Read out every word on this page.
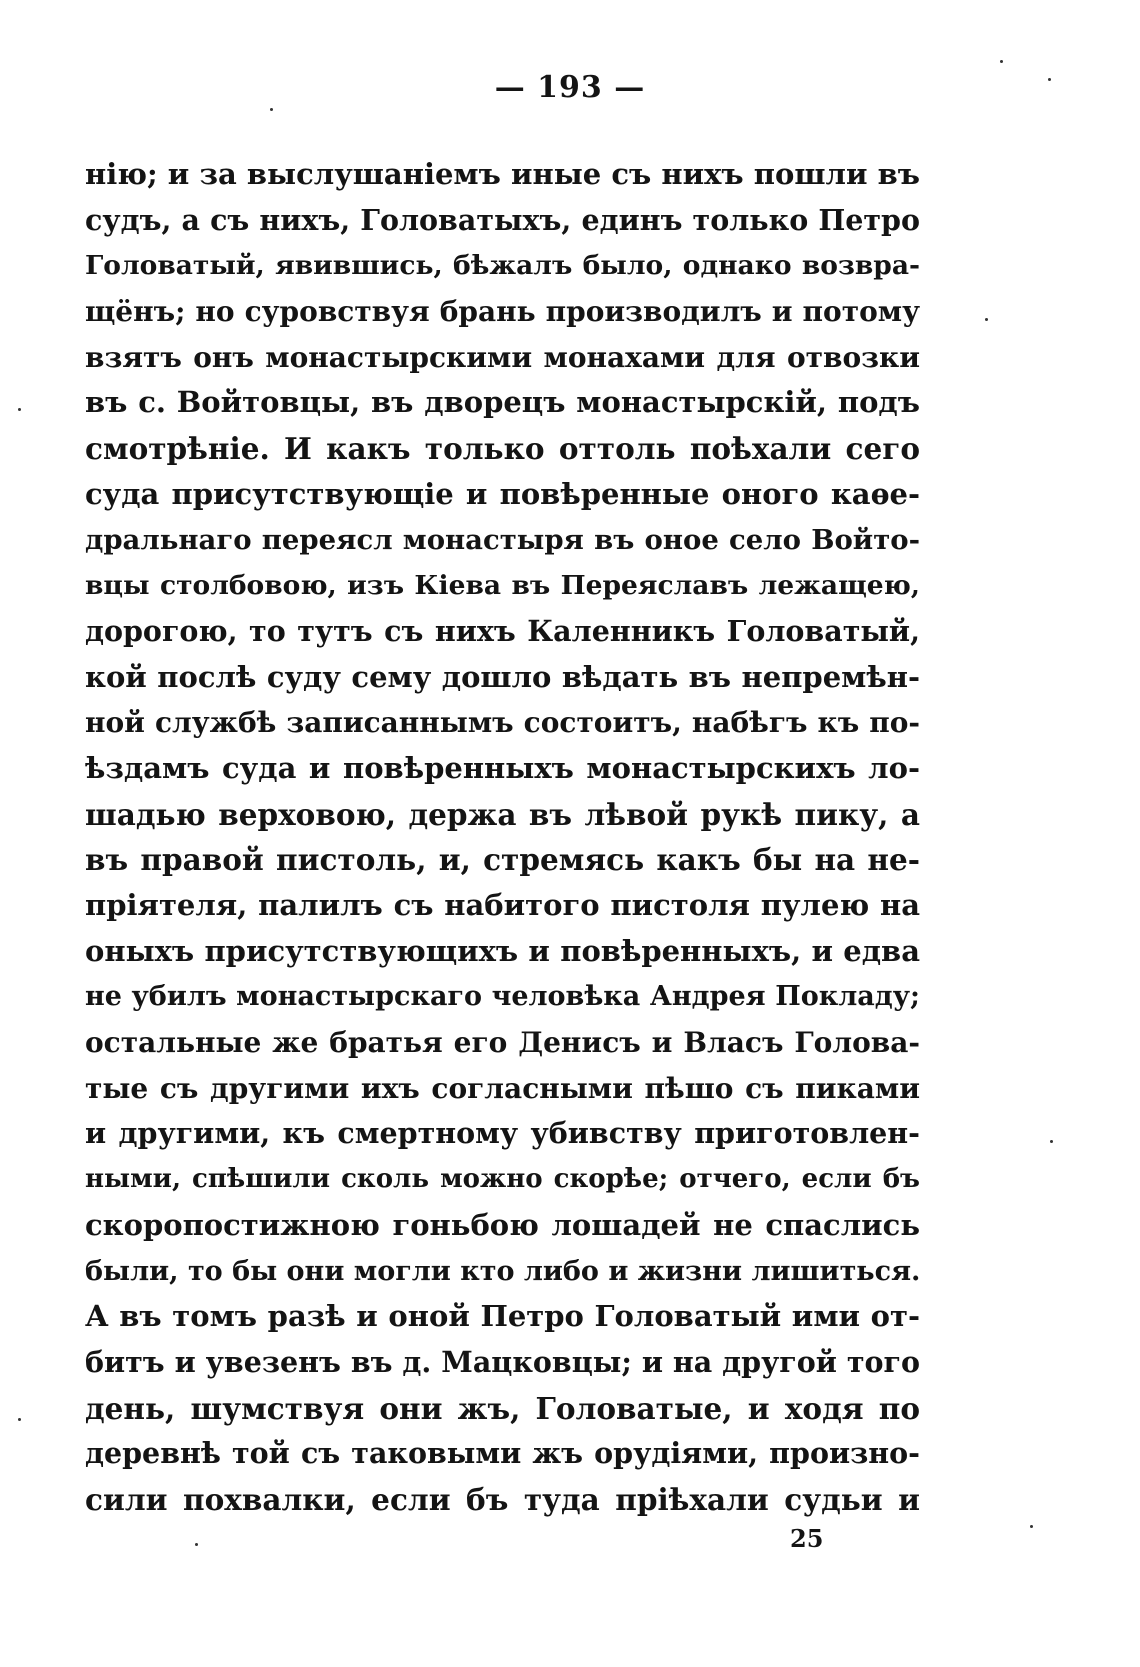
— 193 —
нію; и за выслушаніемъ иные съ нихъ пошли въ
судъ, а съ нихъ, Головатыхъ, единъ только Петро
Головатый, явившись, бѣжалъ было, однако возвра-
щёнъ; но суровствуя брань производилъ и потому
взятъ онъ монастырскими монахами для отвозки
въ с. Войтовцы, въ дворецъ монастырскій, подъ
смотрѣніе. И какъ только оттоль поѣхали сего
суда присутствующіе и повѣренные оного каѳе-
дральнаго переясл монастыря въ оное село Войто-
вцы столбовою, изъ Кіева въ Переяславъ лежащею,
дорогою, то тутъ съ нихъ Каленникъ Головатый,
кой послѣ суду сему дошло вѣдать въ непремѣн-
ной службѣ записаннымъ состоитъ, набѣгъ къ по-
ѣздамъ суда и повѣренныхъ монастырскихъ ло-
шадью верховою, держа въ лѣвой рукѣ пику, а
въ правой пистоль, и, стремясь какъ бы на не-
пріятеля, палилъ съ набитого пистоля пулею на
оныхъ присутствующихъ и повѣренныхъ, и едва
не убилъ монастырскаго человѣка Андрея Покладу;
остальные же братья его Денисъ и Власъ Голова-
тые съ другими ихъ согласными пѣшо съ пиками
и другими, къ смертному убивству приготовлен-
ными, спѣшили сколь можно скорѣе; отчего, если бъ
скоропостижною гоньбою лошадей не спаслись
были, то бы они могли кто либо и жизни лишиться.
А въ томъ разѣ и оной Петро Головатый ими от-
битъ и увезенъ въ д. Мацковцы; и на другой того
день, шумствуя они жъ, Головатые, и ходя по
деревнѣ той съ таковыми жъ орудіями, произно-
сили похвалки, если бъ туда пріѣхали судьи и
25
